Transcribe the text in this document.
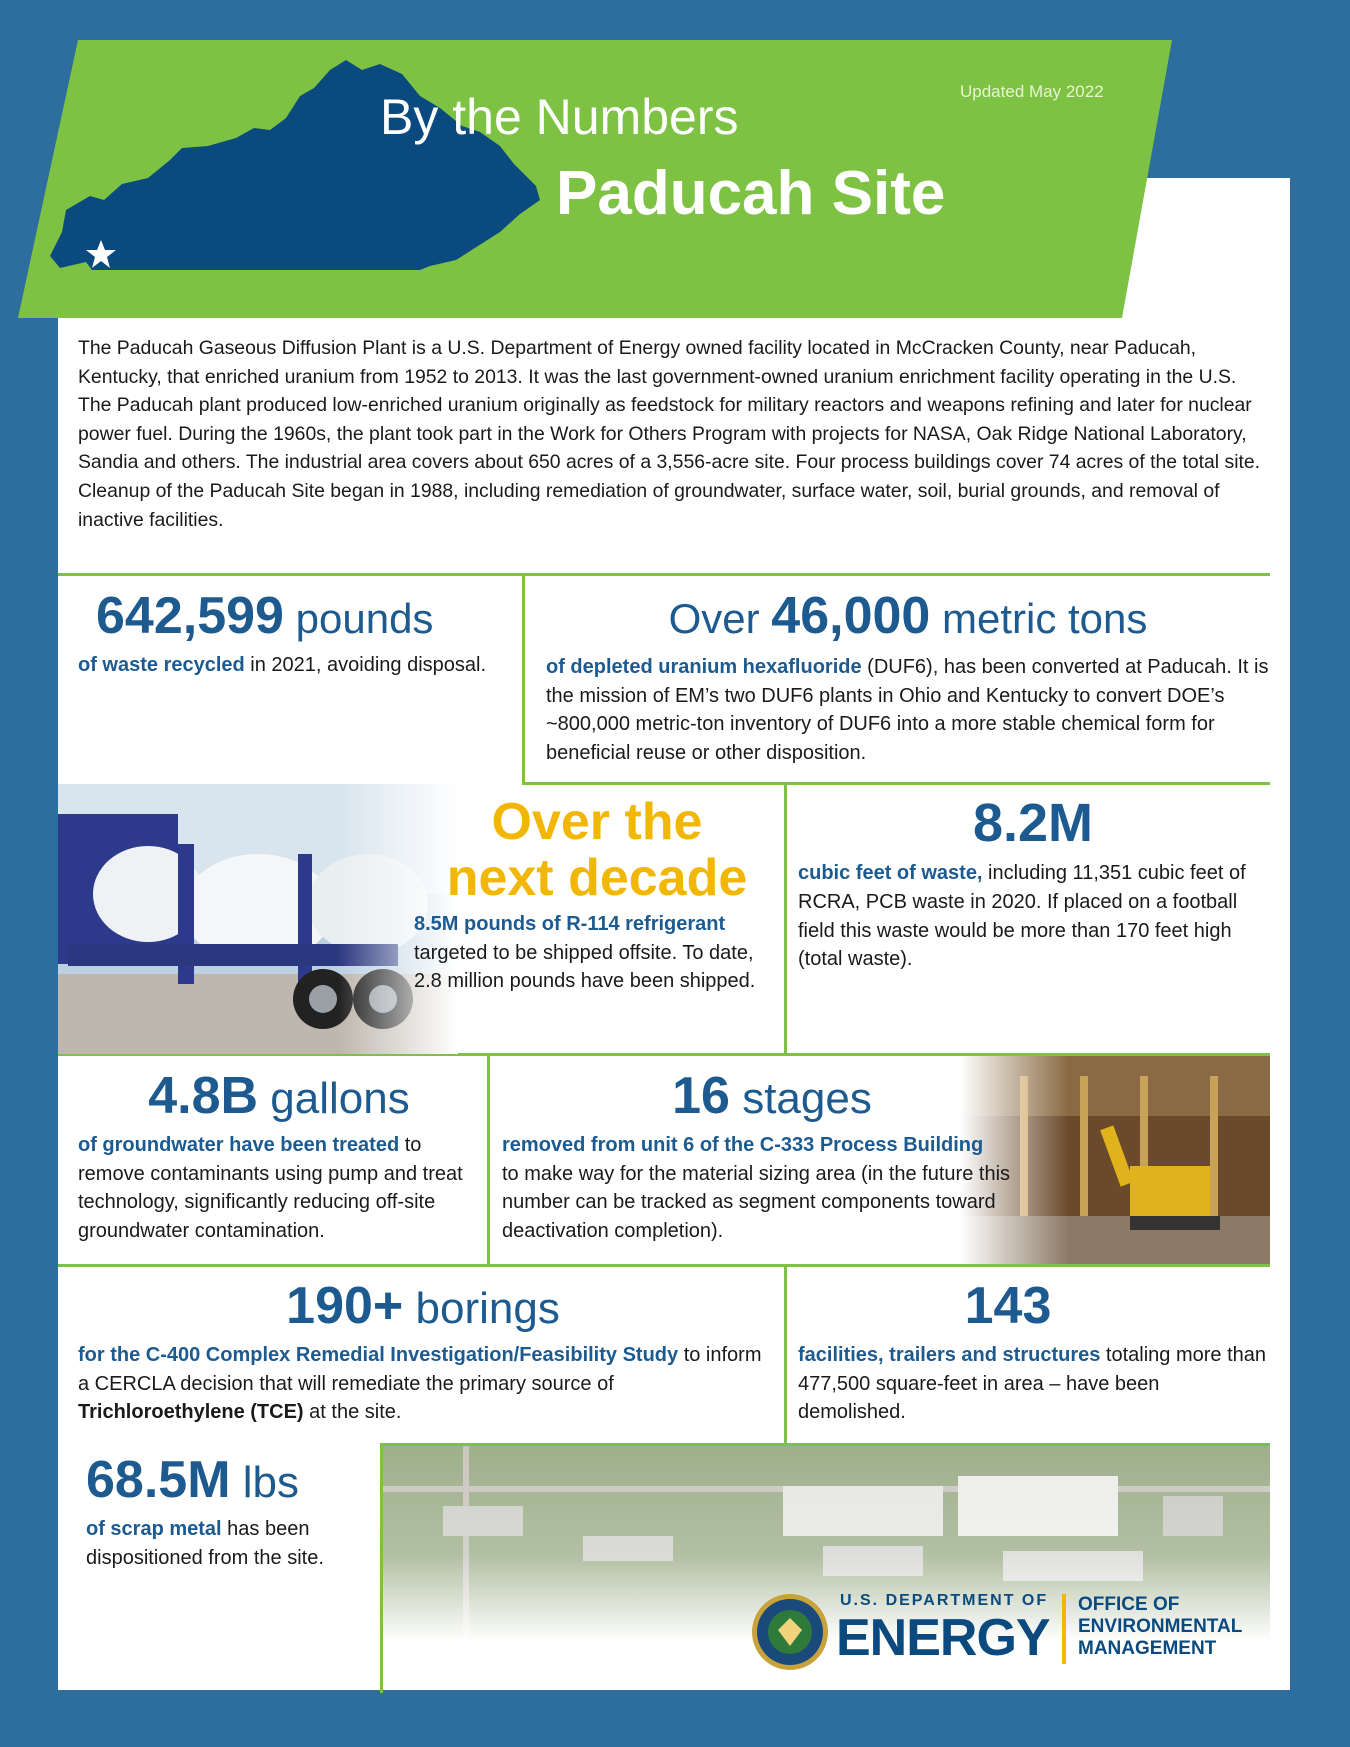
Updated May 2022
By the Numbers
Paducah Site
The Paducah Gaseous Diffusion Plant is a U.S. Department of Energy owned facility located in McCracken County, near Paducah, Kentucky, that enriched uranium from 1952 to 2013. It was the last government-owned uranium enrichment facility operating in the U.S. The Paducah plant produced low-enriched uranium originally as feedstock for military reactors and weapons refining and later for nuclear power fuel. During the 1960s, the plant took part in the Work for Others Program with projects for NASA, Oak Ridge National Laboratory, Sandia and others. The industrial area covers about 650 acres of a 3,556-acre site. Four process buildings cover 74 acres of the total site. Cleanup of the Paducah Site began in 1988, including remediation of groundwater, surface water, soil, burial grounds, and removal of inactive facilities.
642,599 pounds
of waste recycled in 2021, avoiding disposal.
Over 46,000 metric tons
of depleted uranium hexafluoride (DUF6), has been converted at Paducah. It is the mission of EM’s two DUF6 plants in Ohio and Kentucky to convert DOE’s ~800,000 metric-ton inventory of DUF6 into a more stable chemical form for beneficial reuse or other disposition.
Over the
next decade
8.5M pounds of R-114 refrigerant
targeted to be shipped offsite. To date, 2.8 million pounds have been shipped.
8.2M
cubic feet of waste, including 11,351 cubic feet of RCRA, PCB waste in 2020. If placed on a football field this waste would be more than 170 feet high (total waste).
4.8B gallons
of groundwater have been treated to remove contaminants using pump and treat technology, significantly reducing off-site groundwater contamination.
16 stages
removed from unit 6 of the C-333 Process Building
to make way for the material sizing area (in the future this number can be tracked as segment components toward deactivation completion).
190+ borings
for the C-400 Complex Remedial Investigation/Feasibility Study to inform a CERCLA decision that will remediate the primary source of Trichloroethylene (TCE) at the site.
143
facilities, trailers and structures totaling more than 477,500 square-feet in area – have been demolished.
68.5M lbs
of scrap metal has been dispositioned from the site.
U.S. DEPARTMENT OF
ENERGY
OFFICE OF
ENVIRONMENTAL
MANAGEMENT
